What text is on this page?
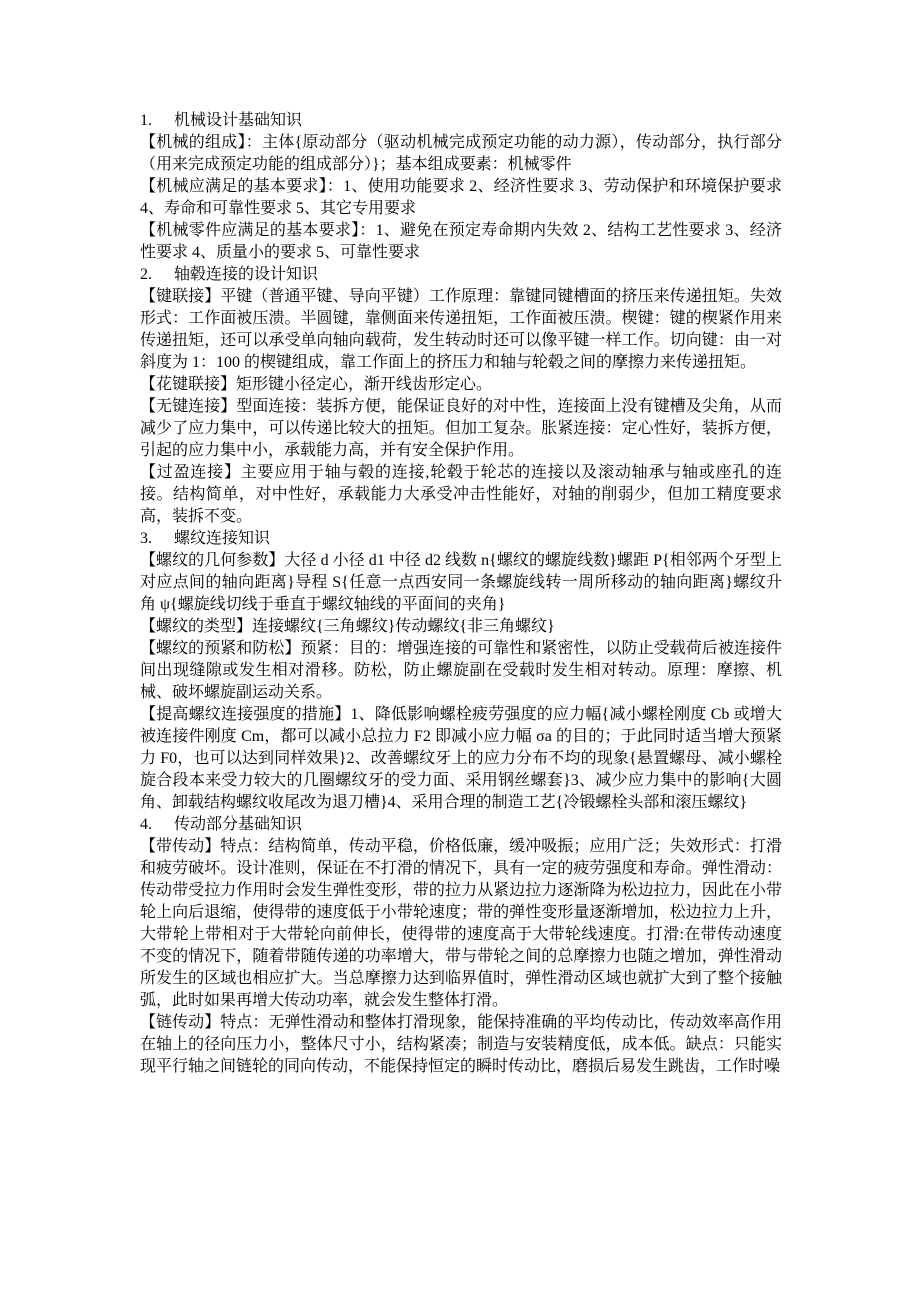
1.	机械设计基础知识

【机械的组成】：主体{原动部分（驱动机械完成预定功能的动力源），传动部分，执行部分（用来完成预定功能的组成部分）}；基本组成要素：机械零件

【机械应满足的基本要求】：1、使用功能要求 2、经济性要求 3、劳动保护和环境保护要求 4、寿命和可靠性要求 5、其它专用要求

【机械零件应满足的基本要求】：1、避免在预定寿命期内失效 2、结构工艺性要求 3、经济性要求 4、质量小的要求 5、可靠性要求

2.	轴毂连接的设计知识

【键联接】平键（普通平键、导向平键）工作原理：靠键同键槽面的挤压来传递扭矩。失效形式：工作面被压溃。半圆键，靠侧面来传递扭矩，工作面被压溃。楔键：键的楔紧作用来传递扭矩，还可以承受单向轴向载荷，发生转动时还可以像平键一样工作。切向键：由一对斜度为 1：100 的楔键组成，靠工作面上的挤压力和轴与轮毂之间的摩擦力来传递扭矩。

【花键联接】矩形键小径定心，渐开线齿形定心。

【无键连接】型面连接：装拆方便，能保证良好的对中性，连接面上没有键槽及尖角，从而减少了应力集中，可以传递比较大的扭矩。但加工复杂。胀紧连接：定心性好，装拆方便，引起的应力集中小，承载能力高，并有安全保护作用。

【过盈连接】主要应用于轴与毂的连接,轮毂于轮芯的连接以及滚动轴承与轴或座孔的连接。结构简单，对中性好，承载能力大承受冲击性能好，对轴的削弱少，但加工精度要求高，装拆不变。

3.	螺纹连接知识

【螺纹的几何参数】大径 d 小径 d1 中径 d2 线数 n{螺纹的螺旋线数}螺距 P{相邻两个牙型上对应点间的轴向距离}导程 S{任意一点西安同一条螺旋线转一周所移动的轴向距离}螺纹升角 ψ{螺旋线切线于垂直于螺纹轴线的平面间的夹角}

【螺纹的类型】连接螺纹{三角螺纹}传动螺纹{非三角螺纹}

【螺纹的预紧和防松】预紧：目的：增强连接的可靠性和紧密性，以防止受载荷后被连接件间出现缝隙或发生相对滑移。防松，防止螺旋副在受载时发生相对转动。原理：摩擦、机械、破坏螺旋副运动关系。

【提高螺纹连接强度的措施】1、降低影响螺栓疲劳强度的应力幅{减小螺栓刚度 Cb 或增大被连接件刚度 Cm，都可以减小总拉力 F2 即减小应力幅 σa 的目的；于此同时适当增大预紧力 F0，也可以达到同样效果}2、改善螺纹牙上的应力分布不均的现象{悬置螺母、减小螺栓旋合段本来受力较大的几圈螺纹牙的受力面、采用钢丝螺套}3、减少应力集中的影响{大圆角、卸载结构螺纹收尾改为退刀槽}4、采用合理的制造工艺{冷锻螺栓头部和滚压螺纹}

4.	传动部分基础知识

【带传动】特点：结构简单，传动平稳，价格低廉，缓冲吸振；应用广泛；失效形式：打滑和疲劳破坏。设计准则，保证在不打滑的情况下，具有一定的疲劳强度和寿命。弹性滑动：传动带受拉力作用时会发生弹性变形，带的拉力从紧边拉力逐渐降为松边拉力，因此在小带轮上向后退缩，使得带的速度低于小带轮速度；带的弹性变形量逐渐增加，松边拉力上升，大带轮上带相对于大带轮向前伸长，使得带的速度高于大带轮线速度。打滑:在带传动速度不变的情况下，随着带随传递的功率增大，带与带轮之间的总摩擦力也随之增加，弹性滑动所发生的区域也相应扩大。当总摩擦力达到临界值时，弹性滑动区域也就扩大到了整个接触弧，此时如果再增大传动功率，就会发生整体打滑。

【链传动】特点：无弹性滑动和整体打滑现象，能保持准确的平均传动比，传动效率高作用在轴上的径向压力小，整体尺寸小，结构紧凑；制造与安装精度低，成本低。缺点：只能实现平行轴之间链轮的同向传动，不能保持恒定的瞬时传动比，磨损后易发生跳齿，工作时噪
